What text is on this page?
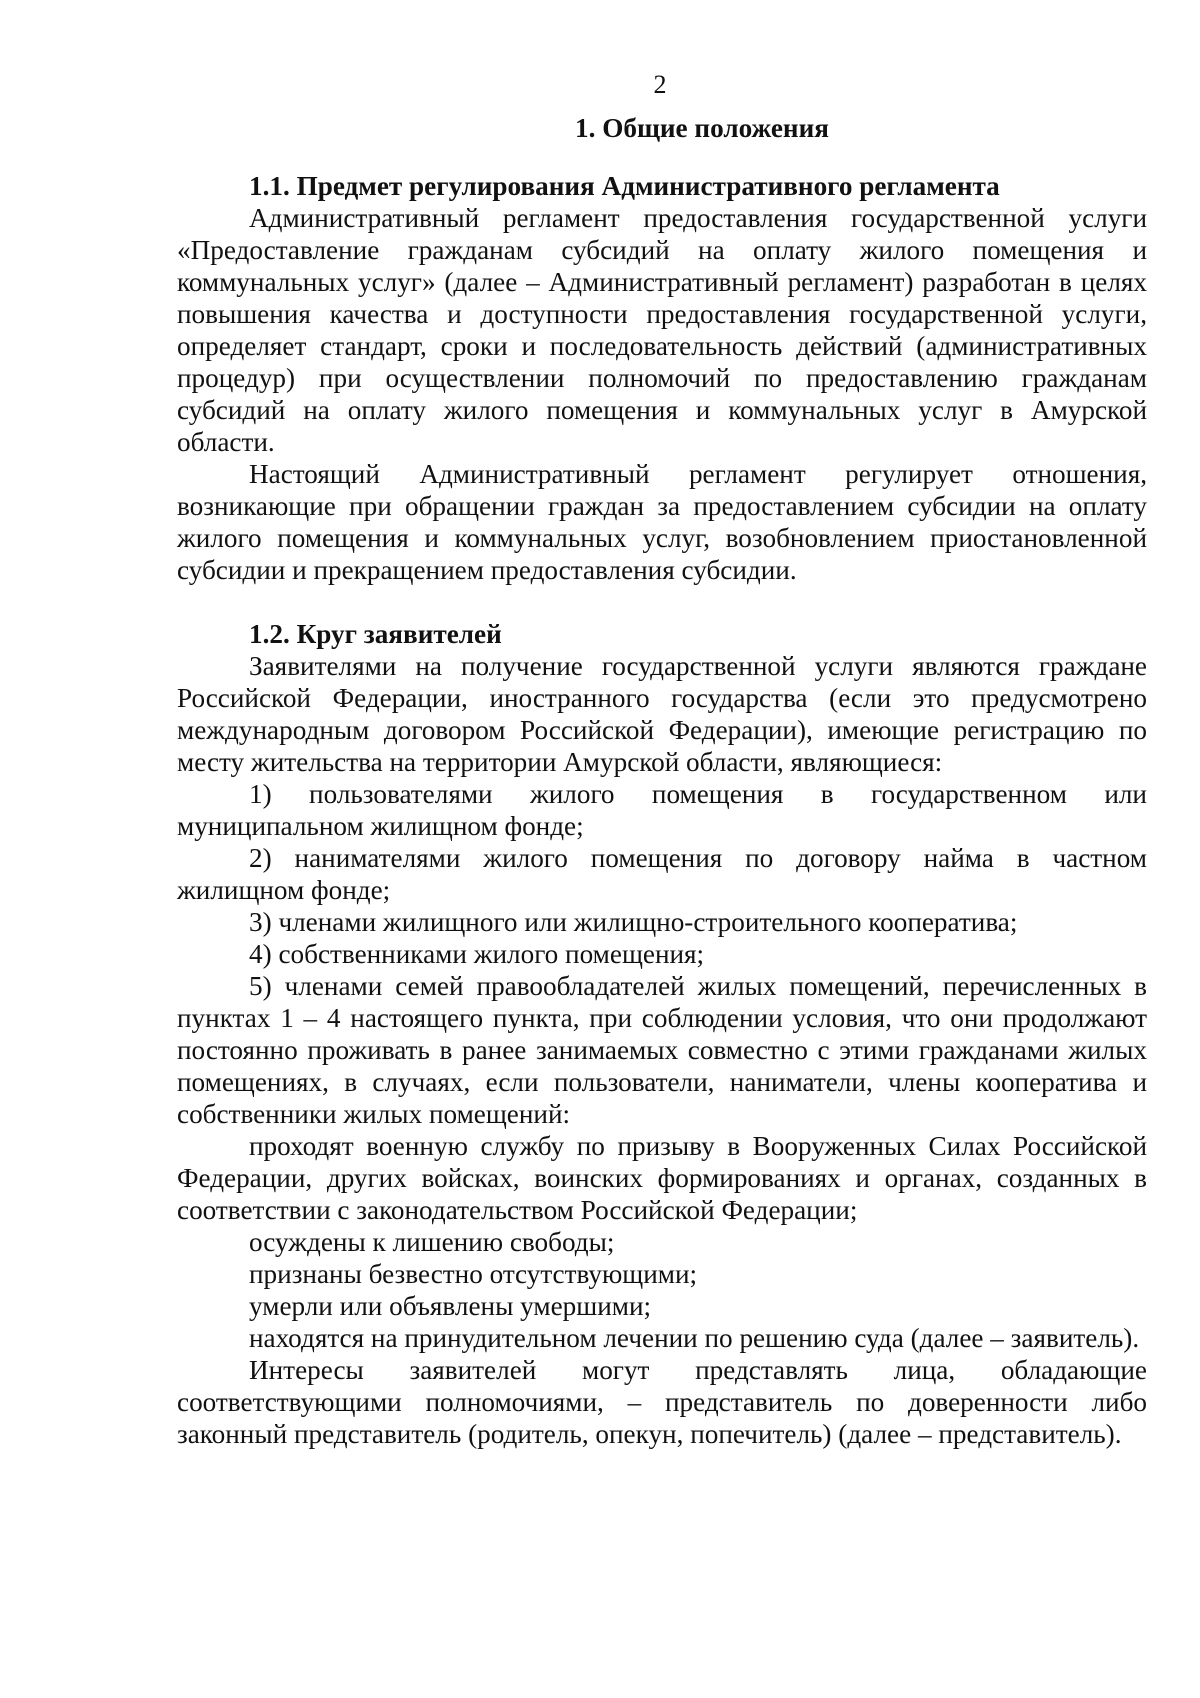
2
1. Общие положения
1.1. Предмет регулирования Административного регламента

Административный регламент предоставления государственной услуги «Предоставление гражданам субсидий на оплату жилого помещения и коммунальных услуг» (далее – Административный регламент) разработан в целях повышения качества и доступности предоставления государственной услуги, определяет стандарт, сроки и последовательность действий (административных процедур) при осуществлении полномочий по предоставлению гражданам субсидий на оплату жилого помещения и коммунальных услуг в Амурской области.

Настоящий Административный регламент регулирует отношения, возникающие при обращении граждан за предоставлением субсидии на оплату жилого помещения и коммунальных услуг, возобновлением приостановленной субсидии и прекращением предоставления субсидии.

1.2. Круг заявителей

Заявителями на получение государственной услуги являются граждане Российской Федерации, иностранного государства (если это предусмотрено международным договором Российской Федерации), имеющие регистрацию по месту жительства на территории Амурской области, являющиеся:

1) пользователями жилого помещения в государственном или муниципальном жилищном фонде;

2) нанимателями жилого помещения по договору найма в частном жилищном фонде;

3) членами жилищного или жилищно-строительного кооператива;

4) собственниками жилого помещения;

5) членами семей правообладателей жилых помещений, перечисленных в пунктах 1 – 4 настоящего пункта, при соблюдении условия, что они продолжают постоянно проживать в ранее занимаемых совместно с этими гражданами жилых помещениях, в случаях, если пользователи, наниматели, члены кооператива и собственники жилых помещений:

проходят военную службу по призыву в Вооруженных Силах Российской Федерации, других войсках, воинских формированиях и органах, созданных в соответствии с законодательством Российской Федерации;

осуждены к лишению свободы;

признаны безвестно отсутствующими;

умерли или объявлены умершими;

находятся на принудительном лечении по решению суда (далее – заявитель).

Интересы заявителей могут представлять лица, обладающие соответствующими полномочиями, – представитель по доверенности либо законный представитель (родитель, опекун, попечитель) (далее – представитель).
